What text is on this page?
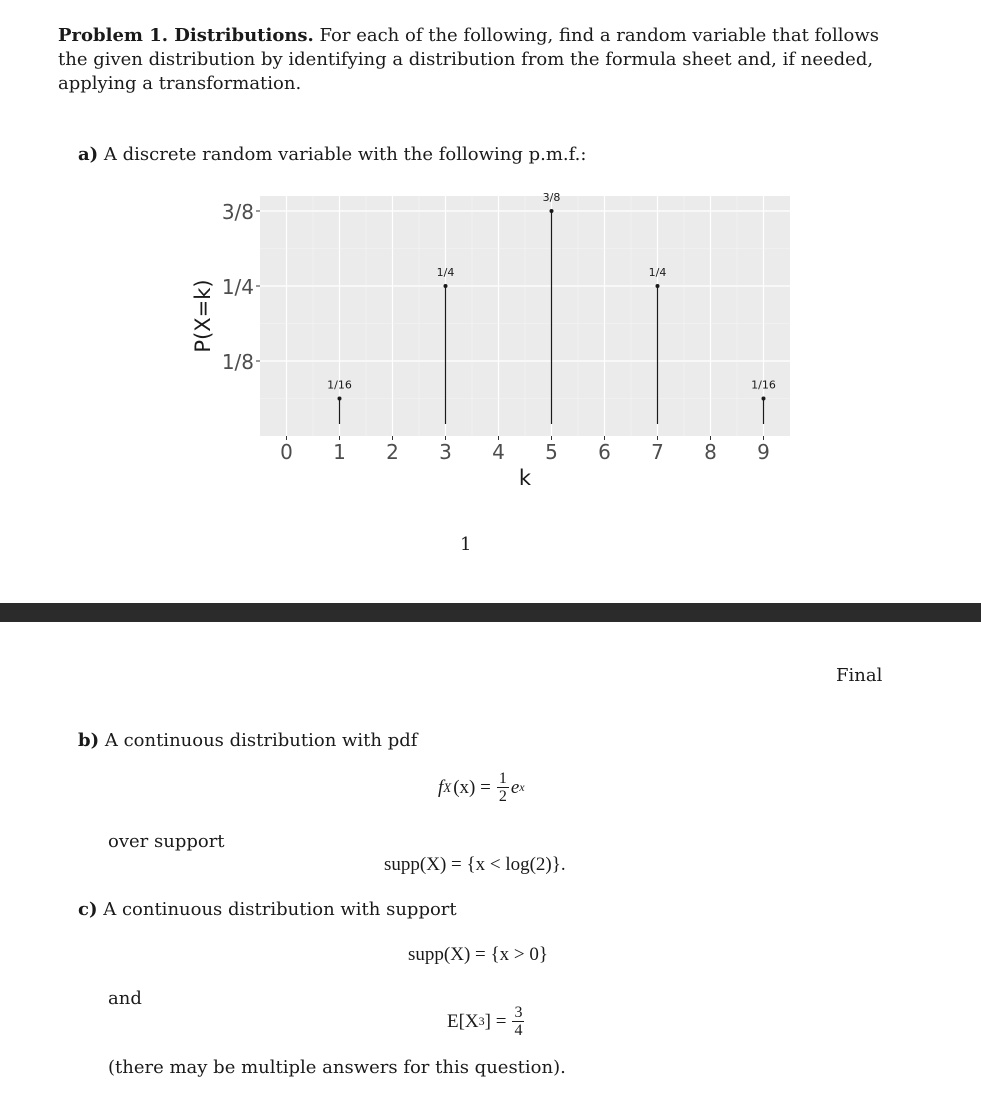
Problem 1. Distributions. For each of the following, find a random variable that follows the given distribution by identifying a distribution from the formula sheet and, if needed, applying a transformation.
a) A discrete random variable with the following p.m.f.:
1/16
1/4
3/8
1/4
1/16
0 1 2 3 4 5 6 7 8 9
1/8
1/4
3/8
P(X=k)
k
1
Final
b) A continuous distribution with pdf
f X $(x) = \frac{1}{2}$ e x
over support
supp(X) = {x < log(2)}.
c) A continuous distribution with support
supp(X) = {x > 0}
and
E[X 3 ] = $\frac{3}{4}$
(there may be multiple answers for this question).
